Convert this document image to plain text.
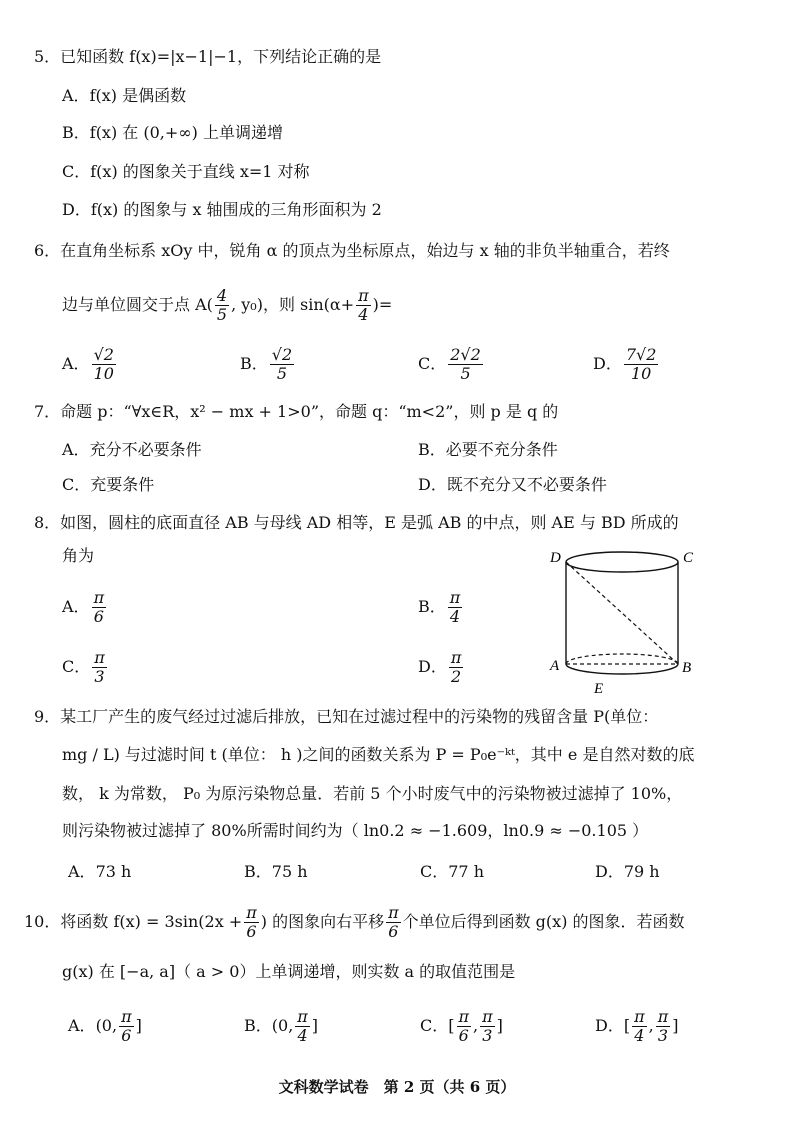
5．已知函数 f(x)=|x−1|−1，下列结论正确的是
A．f(x) 是偶函数
B．f(x) 在 (0,+∞) 上单调递增
C．f(x) 的图象关于直线 x=1 对称
D．f(x) 的图象与 x 轴围成的三角形面积为 2
6．在直角坐标系 xOy 中，锐角 α 的顶点为坐标原点，始边与 x 轴的非负半轴重合，若终
边与单位圆交于点 $A( \frac{4}{5}$ , y₀)，则 $\sin(\alpha+ \frac{\pi}{4}$ )=
A． $\frac{√2}{10}$	B． $\frac{√2}{5}$	C． $\frac{2√2}{5}$	D． $\frac{7√2}{10}$
7．命题 p：“∀x∈R，x² − mx + 1>0”，命题 q：“m<2”，则 p 是 q 的
A．充分不必要条件	B．必要不充分条件
C．充要条件	D．既不充分又不必要条件
8．如图，圆柱的底面直径 AB 与母线 AD 相等，E 是弧 AB 的中点，则 AE 与 BD 所成的
角为
A． $\frac{\pi}{6}$	B． $\frac{\pi}{4}$
C． $\frac{\pi}{3}$	D． $\frac{\pi}{2}$
D	C
A	B
E
9．某工厂产生的废气经过过滤后排放，已知在过滤过程中的污染物的残留含量 P(单位：
mg / L) 与过滤时间 t (单位： h )之间的函数关系为 P = P₀e⁻ᵏᵗ，其中 e 是自然对数的底
数， k 为常数， P₀ 为原污染物总量．若前 5 个小时废气中的污染物被过滤掉了 10%，
则污染物被过滤掉了 80%所需时间约为（ ln0.2 ≈ −1.609，ln0.9 ≈ −0.105 ）
A．73 h	B．75 h	C．77 h	D．79 h
10．将函数 $f(x) = 3\sin(2x + \frac{\pi}{6}$ ) 的图象向右平移 $\frac{\pi}{6}$ 个单位后得到函数 g(x) 的图象．若函数
g(x) 在 [−a, a]（ a > 0）上单调递增，则实数 a 的取值范围是
A．(0, $\frac{\pi}{6}$ ]	B．(0, $\frac{\pi}{4}$ ]	C．[ $\frac{\pi}{6}$ , $\frac{\pi}{3}$ ]	D．[ $\frac{\pi}{4}$ , $\frac{\pi}{3}$ ]
文科数学试卷　第 2 页（共 6 页）
